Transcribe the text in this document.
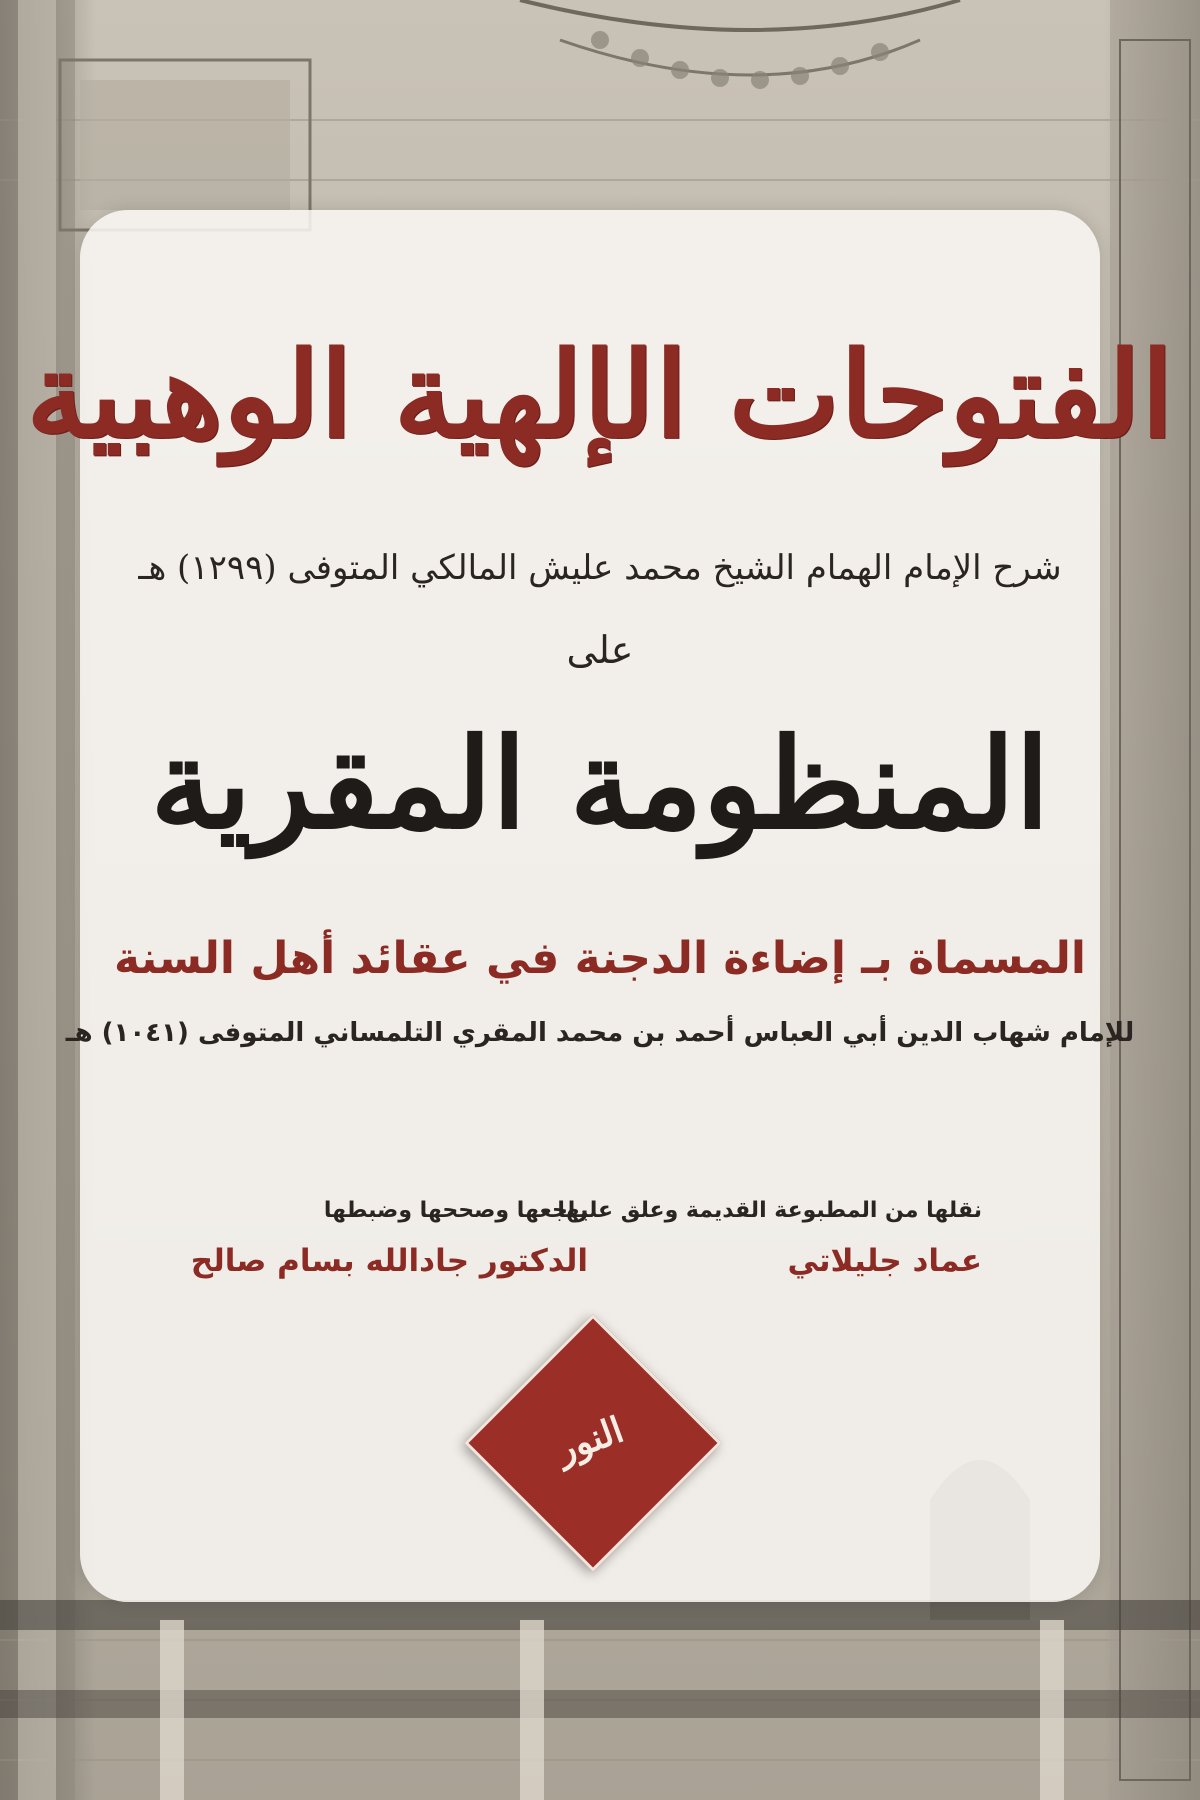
الفتوحات الإلهية الوهبية
شرح الإمام الهمام الشيخ محمد عليش المالكي المتوفى (١٢٩٩) هـ
على
المنظومة المقرية
المسماة بـ إضاءة الدجنة في عقائد أهل السنة
للإمام شهاب الدين أبي العباس أحمد بن محمد المقري التلمساني المتوفى (١٠٤١) هـ
نقلها من المطبوعة القديمة وعلق عليها
عماد جليلاتي
راجعها وصححها وضبطها
الدكتور جادالله بسام صالح
النور
